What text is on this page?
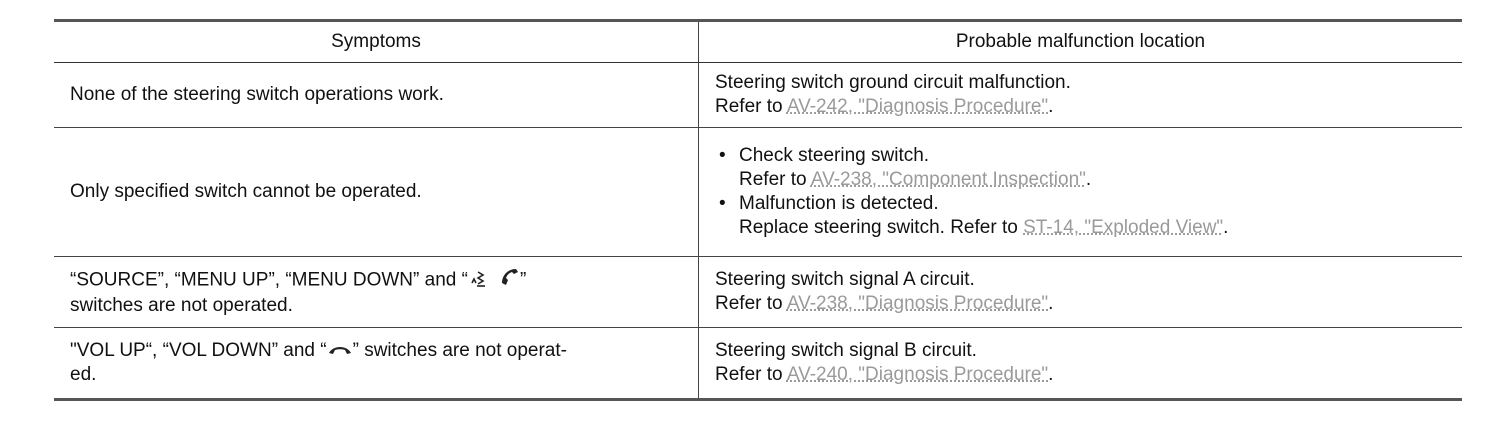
Symptoms	Probable malfunction location
None of the steering switch operations work.
Steering switch ground circuit malfunction.
Refer to AV-242, "Diagnosis Procedure".
Only specified switch cannot be operated.
• Check steering switch.
Refer to AV-238, "Component Inspection".
• Malfunction is detected.
Replace steering switch. Refer to ST-14, "Exploded View".
“SOURCE”, “MENU UP”, “MENU DOWN” and “	”
switches are not operated.
Steering switch signal A circuit.
Refer to AV-238, "Diagnosis Procedure".
"VOL UP“, “VOL DOWN” and “ ” switches are not operat-
ed.
Steering switch signal B circuit.
Refer to AV-240, "Diagnosis Procedure".
